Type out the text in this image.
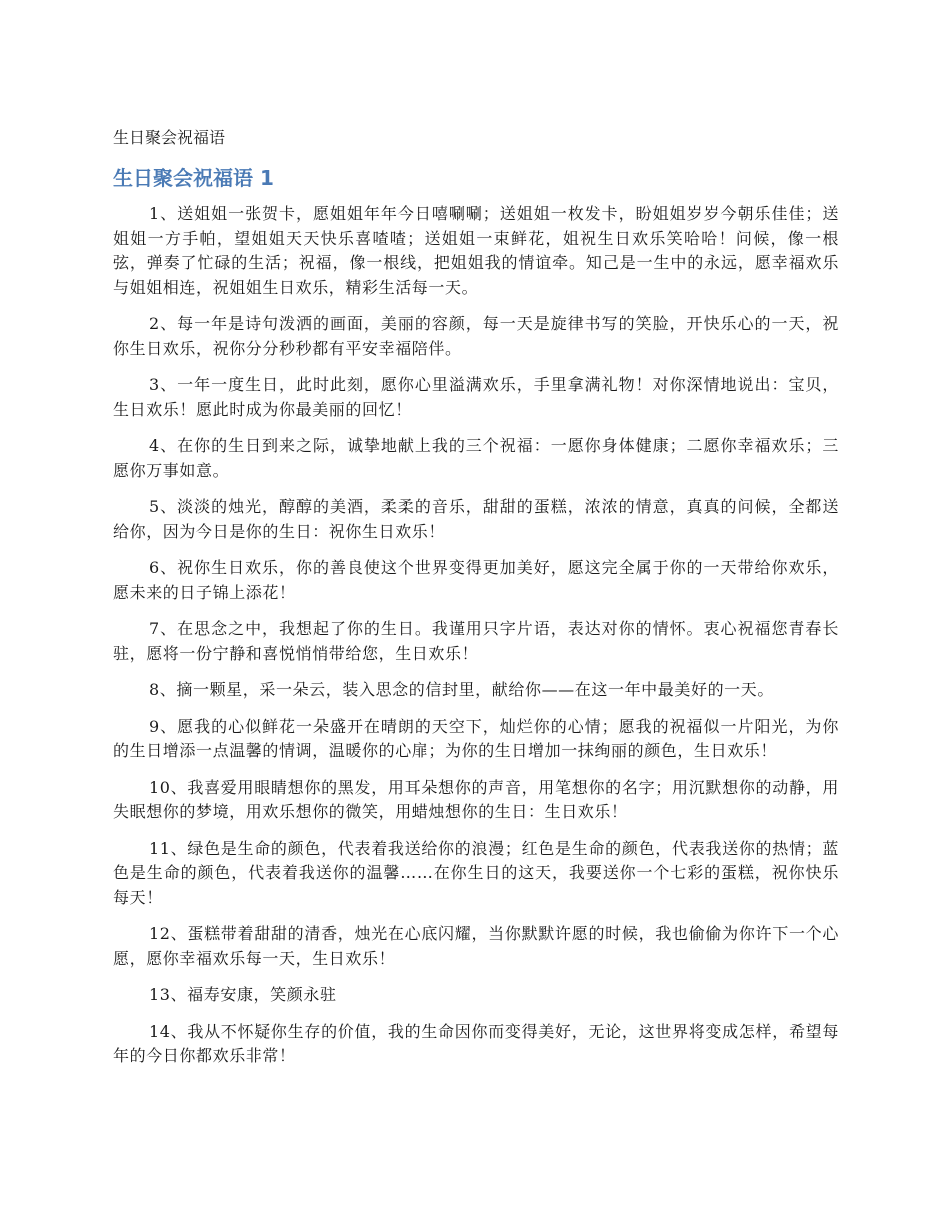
生日聚会祝福语
生日聚会祝福语 1

1、送姐姐一张贺卡，愿姐姐年年今日嘻唰唰；送姐姐一枚发卡，盼姐姐岁岁今朝乐佳佳；送姐姐一方手帕，望姐姐天天快乐喜喳喳；送姐姐一束鲜花，姐祝生日欢乐笑哈哈！问候，像一根弦，弹奏了忙碌的生活；祝福，像一根线，把姐姐我的情谊牵。知己是一生中的永远，愿幸福欢乐与姐姐相连，祝姐姐生日欢乐，精彩生活每一天。

2、每一年是诗句泼洒的画面，美丽的容颜，每一天是旋律书写的笑脸，开快乐心的一天，祝你生日欢乐，祝你分分秒秒都有平安幸福陪伴。

3、一年一度生日，此时此刻，愿你心里溢满欢乐，手里拿满礼物！对你深情地说出：宝贝，生日欢乐！愿此时成为你最美丽的回忆！

4、在你的生日到来之际，诚挚地献上我的三个祝福：一愿你身体健康；二愿你幸福欢乐；三愿你万事如意。

5、淡淡的烛光，醇醇的美酒，柔柔的音乐，甜甜的蛋糕，浓浓的情意，真真的问候，全都送给你，因为今日是你的生日：祝你生日欢乐！

6、祝你生日欢乐，你的善良使这个世界变得更加美好，愿这完全属于你的一天带给你欢乐，愿未来的日子锦上添花！

7、在思念之中，我想起了你的生日。我谨用只字片语，表达对你的情怀。衷心祝福您青春长驻，愿将一份宁静和喜悦悄悄带给您，生日欢乐！

8、摘一颗星，采一朵云，装入思念的信封里，献给你——在这一年中最美好的一天。

9、愿我的心似鲜花一朵盛开在晴朗的天空下，灿烂你的心情；愿我的祝福似一片阳光，为你的生日增添一点温馨的情调，温暖你的心扉；为你的生日增加一抹绚丽的颜色，生日欢乐！

10、我喜爱用眼睛想你的黑发，用耳朵想你的声音，用笔想你的名字；用沉默想你的动静，用失眠想你的梦境，用欢乐想你的微笑，用蜡烛想你的生日：生日欢乐！

11、绿色是生命的颜色，代表着我送给你的浪漫；红色是生命的颜色，代表我送你的热情；蓝色是生命的颜色，代表着我送你的温馨……在你生日的这天，我要送你一个七彩的蛋糕，祝你快乐每天！

12、蛋糕带着甜甜的清香，烛光在心底闪耀，当你默默许愿的时候，我也偷偷为你许下一个心愿，愿你幸福欢乐每一天，生日欢乐！

13、福寿安康，笑颜永驻

14、我从不怀疑你生存的价值，我的生命因你而变得美好，无论，这世界将变成怎样，希望每年的今日你都欢乐非常！
